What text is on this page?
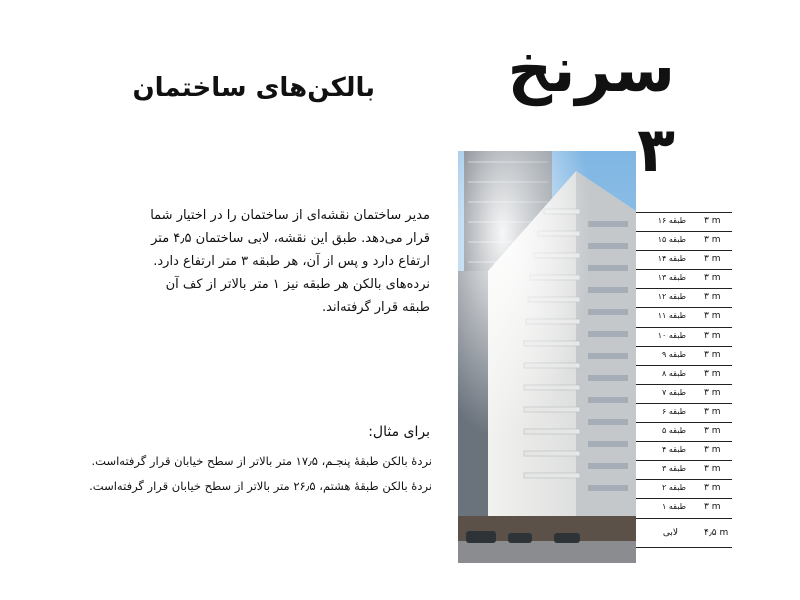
سرنخ ۳
بالکن‌های ساختمان

مدیر ساختمان نقشه‌ای از ساختمان را در اختیار شما قرار می‌دهد. طبق این نقشه، لابی ساختمان ۴٫۵ متر ارتفاع دارد و پس از آن، هر طبقه ۳ متر ارتفاع دارد. نرده‌های بالکن هر طبقه نیز ۱ متر بالاتر از کف آن طبقه قرار گرفته‌اند.

برای مثال:
نردهٔ بالکن طبقهٔ پنجـم، ۱۷٫۵ متر بالاتر از سطح خیابان قرار گرفته‌است.
نردهٔ بالکن طبقهٔ هشتم، ۲۶٫۵ متر بالاتر از سطح خیابان قرار گرفته‌است.
۳ m
طبقه ۱۶
۳ m
طبقه ۱۵
۳ m
طبقه ۱۴
۳ m
طبقه ۱۳
۳ m
طبقه ۱۲
۳ m
طبقه ۱۱
۳ m
طبقه ۱۰
۳ m
طبقه ۹
۳ m
طبقه ۸
۳ m
طبقه ۷
۳ m
طبقه ۶
۳ m
طبقه ۵
۳ m
طبقه ۴
۳ m
طبقه ۳
۳ m
طبقه ۲
۳ m
طبقه ۱
۴٫۵ m
لابی
